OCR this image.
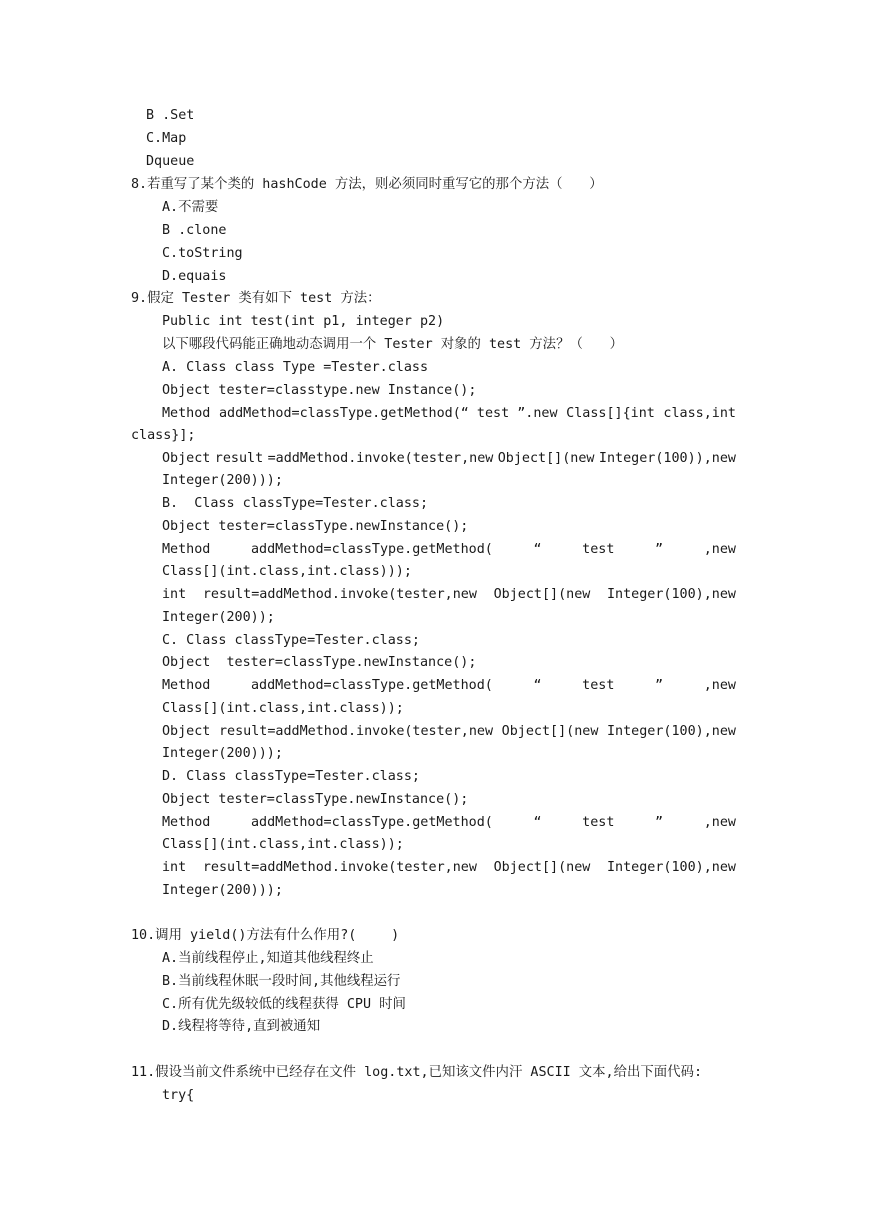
B .Set
C.Map
Dqueue
8.若重写了某个类的 hashCode 方法，则必须同时重写它的那个方法（　　）
A.不需要
B .clone
C.toString
D.equais
9.假定 Tester 类有如下 test 方法：
Public int test(int p1, integer p2)
以下哪段代码能正确地动态调用一个 Tester 对象的 test 方法？（　　）
A. Class class Type =Tester.class
Object tester=classtype.new Instance();
Method addMethod=classType.getMethod(“ test ”.new Class[]{int class,int
class}];
Object result =addMethod.invoke(tester,new Object[](new Integer(100)),new
Integer(200)));
B.  Class classType=Tester.class;
Object tester=classType.newInstance();
Method	addMethod=classType.getMethod(	“	test	”	,new
Class[](int.class,int.class)));
int result=addMethod.invoke(tester,new Object[](new Integer(100),new
Integer(200));
C. Class classType=Tester.class;
Object  tester=classType.newInstance();
Method	addMethod=classType.getMethod(	“	test	”	,new
Class[](int.class,int.class));
Object result=addMethod.invoke(tester,new Object[](new Integer(100),new
Integer(200)));
D. Class classType=Tester.class;
Object tester=classType.newInstance();
Method	addMethod=classType.getMethod(	“	test	”	,new
Class[](int.class,int.class));
int result=addMethod.invoke(tester,new Object[](new Integer(100),new
Integer(200)));
10.调用 yield()方法有什么作用?(　　 )
A.当前线程停止,知道其他线程终止
B.当前线程休眠一段时间,其他线程运行
C.所有优先级较低的线程获得 CPU 时间
D.线程将等待,直到被通知
11.假设当前文件系统中已经存在文件 log.txt,已知该文件内汗 ASCII 文本,给出下面代码:
try{
